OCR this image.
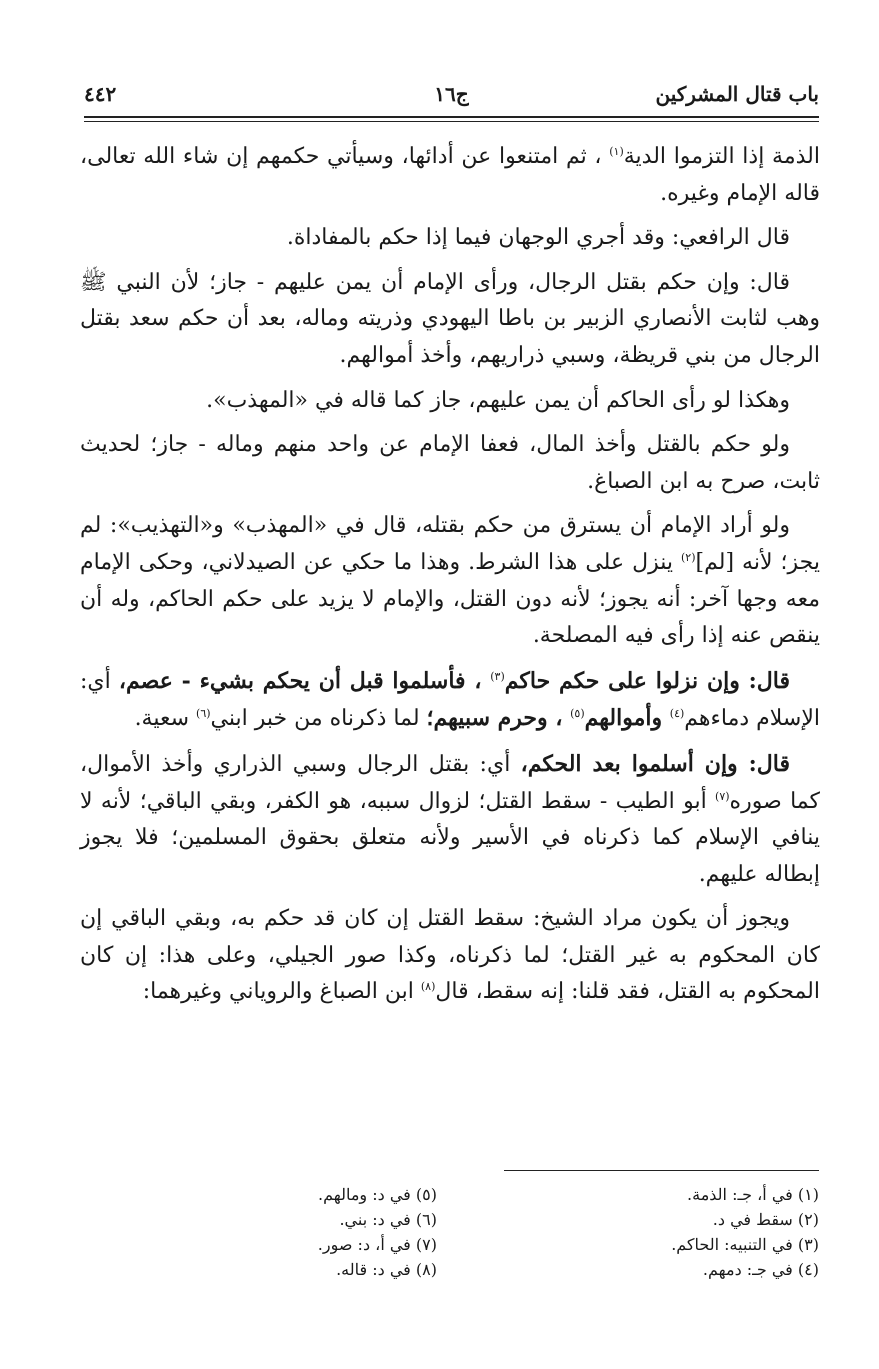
باب قتال المشركين
ج١٦
٤٤٢

الذمة إذا التزموا الدية$^{(١)}$ ، ثم امتنعوا عن أدائها، وسيأتي حكمهم إن شاء الله تعالى، قاله الإمام وغيره.

قال الرافعي: وقد أجري الوجهان فيما إذا حكم بالمفاداة.

قال: وإن حكم بقتل الرجال، ورأى الإمام أن يمن عليهم - جاز؛ لأن النبي ﷺ وهب لثابت الأنصاري الزبير بن باطا اليهودي وذريته وماله، بعد أن حكم سعد بقتل الرجال من بني قريظة، وسبي ذراريهم، وأخذ أموالهم.

وهكذا لو رأى الحاكم أن يمن عليهم، جاز كما قاله في «المهذب».

ولو حكم بالقتل وأخذ المال، فعفا الإمام عن واحد منهم وماله - جاز؛ لحديث ثابت، صرح به ابن الصباغ.

ولو أراد الإمام أن يسترق من حكم بقتله، قال في «المهذب» و«التهذيب»: لم يجز؛ لأنه [لم]$^{(٢)}$ ينزل على هذا الشرط. وهذا ما حكي عن الصيدلاني، وحكى الإمام معه وجها آخر: أنه يجوز؛ لأنه دون القتل، والإمام لا يزيد على حكم الحاكم، وله أن ينقص عنه إذا رأى فيه المصلحة.

قال: وإن نزلوا على حكم حاكم$^{(٣)}$ ، فأسلموا قبل أن يحكم بشيء - عصم، أي: الإسلام دماءهم$^{(٤)}$ وأموالهم$^{(٥)}$ ، وحرم سبيهم؛ لما ذكرناه من خبر ابني$^{(٦)}$ سعية.

قال: وإن أسلموا بعد الحكم، أي: بقتل الرجال وسبي الذراري وأخذ الأموال، كما صوره$^{(٧)}$ أبو الطيب - سقط القتل؛ لزوال سببه، هو الكفر، وبقي الباقي؛ لأنه لا ينافي الإسلام كما ذكرناه في الأسير ولأنه متعلق بحقوق المسلمين؛ فلا يجوز إبطاله عليهم.

ويجوز أن يكون مراد الشيخ: سقط القتل إن كان قد حكم به، وبقي الباقي إن كان المحكوم به غير القتل؛ لما ذكرناه، وكذا صور الجيلي، وعلى هذا: إن كان المحكوم به القتل، فقد قلنا: إنه سقط، قال$^{(٨)}$ ابن الصباغ والروياني وغيرهما:

(١) في أ، جـ: الذمة.
(٢) سقط في د.
(٣) في التنبيه: الحاكم.
(٤) في جـ: دمهم.
(٥) في د: ومالهم.
(٦) في د: بني.
(٧) في أ، د: صور.
(٨) في د: قاله.
